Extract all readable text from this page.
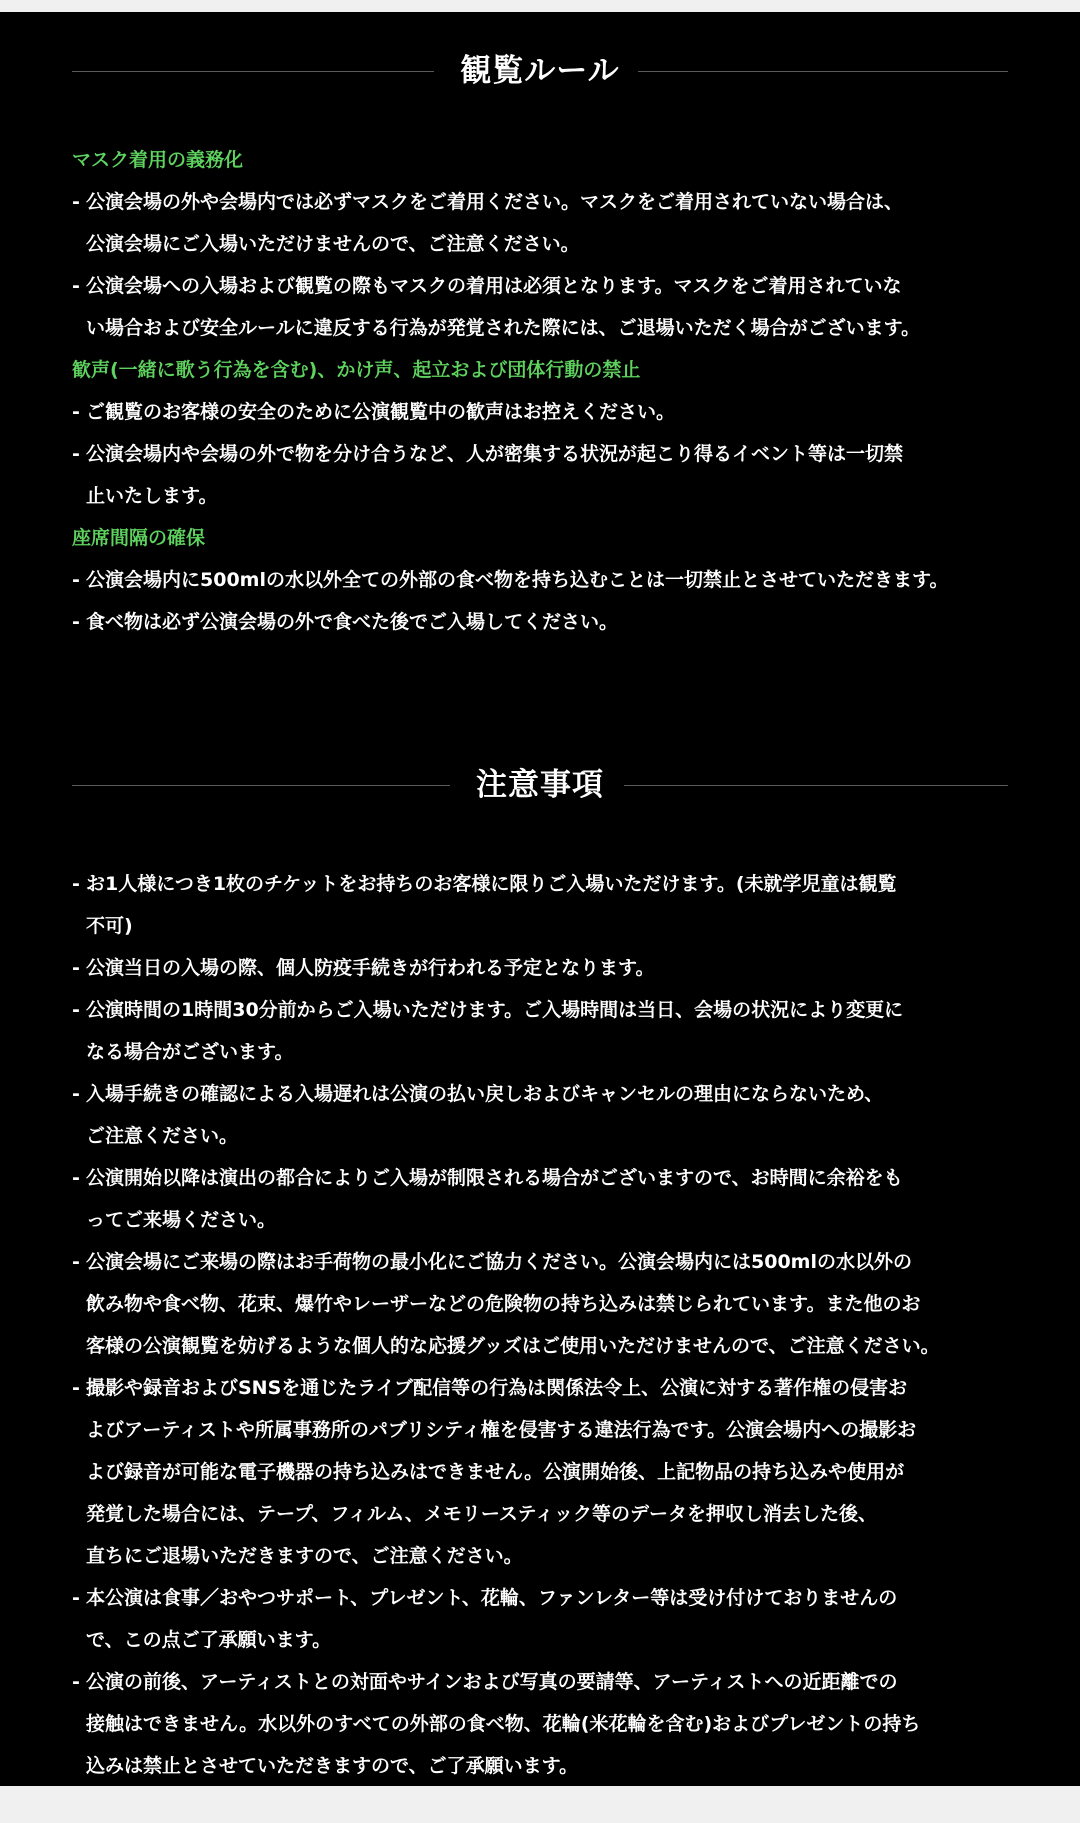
観覧ルール
マスク着用の義務化
- 公演会場の外や会場内では必ずマスクをご着用ください。マスクをご着用されていない場合は、
公演会場にご入場いただけませんので、ご注意ください。
- 公演会場への入場および観覧の際もマスクの着用は必須となります。マスクをご着用されていな
い場合および安全ルールに違反する行為が発覚された際には、ご退場いただく場合がございます。
歓声(一緒に歌う行為を含む)、かけ声、起立および団体行動の禁止
- ご観覧のお客様の安全のために公演観覧中の歓声はお控えください。
- 公演会場内や会場の外で物を分け合うなど、人が密集する状況が起こり得るイベント等は一切禁
止いたします。
座席間隔の確保
- 公演会場内に500mlの水以外全ての外部の食べ物を持ち込むことは一切禁止とさせていただきます。
- 食べ物は必ず公演会場の外で食べた後でご入場してください。
注意事項
- お1人様につき1枚のチケットをお持ちのお客様に限りご入場いただけます。(未就学児童は観覧
不可)
- 公演当日の入場の際、個人防疫手続きが行われる予定となります。
- 公演時間の1時間30分前からご入場いただけます。ご入場時間は当日、会場の状況により変更に
なる場合がございます。
- 入場手続きの確認による入場遅れは公演の払い戻しおよびキャンセルの理由にならないため、
ご注意ください。
- 公演開始以降は演出の都合によりご入場が制限される場合がございますので、お時間に余裕をも
ってご来場ください。
- 公演会場にご来場の際はお手荷物の最小化にご協力ください。公演会場内には500mlの水以外の
飲み物や食べ物、花束、爆竹やレーザーなどの危険物の持ち込みは禁じられています。また他のお
客様の公演観覧を妨げるような個人的な応援グッズはご使用いただけませんので、ご注意ください。
- 撮影や録音およびSNSを通じたライブ配信等の行為は関係法令上、公演に対する著作権の侵害お
よびアーティストや所属事務所のパブリシティ権を侵害する違法行為です。公演会場内への撮影お
よび録音が可能な電子機器の持ち込みはできません。公演開始後、上記物品の持ち込みや使用が
発覚した場合には、テープ、フィルム、メモリースティック等のデータを押収し消去した後、
直ちにご退場いただきますので、ご注意ください。
- 本公演は食事／おやつサポート、プレゼント、花輪、ファンレター等は受け付けておりませんの
で、この点ご了承願います。
- 公演の前後、アーティストとの対面やサインおよび写真の要請等、アーティストへの近距離での
接触はできません。水以外のすべての外部の食べ物、花輪(米花輪を含む)およびプレゼントの持ち
込みは禁止とさせていただきますので、ご了承願います。
